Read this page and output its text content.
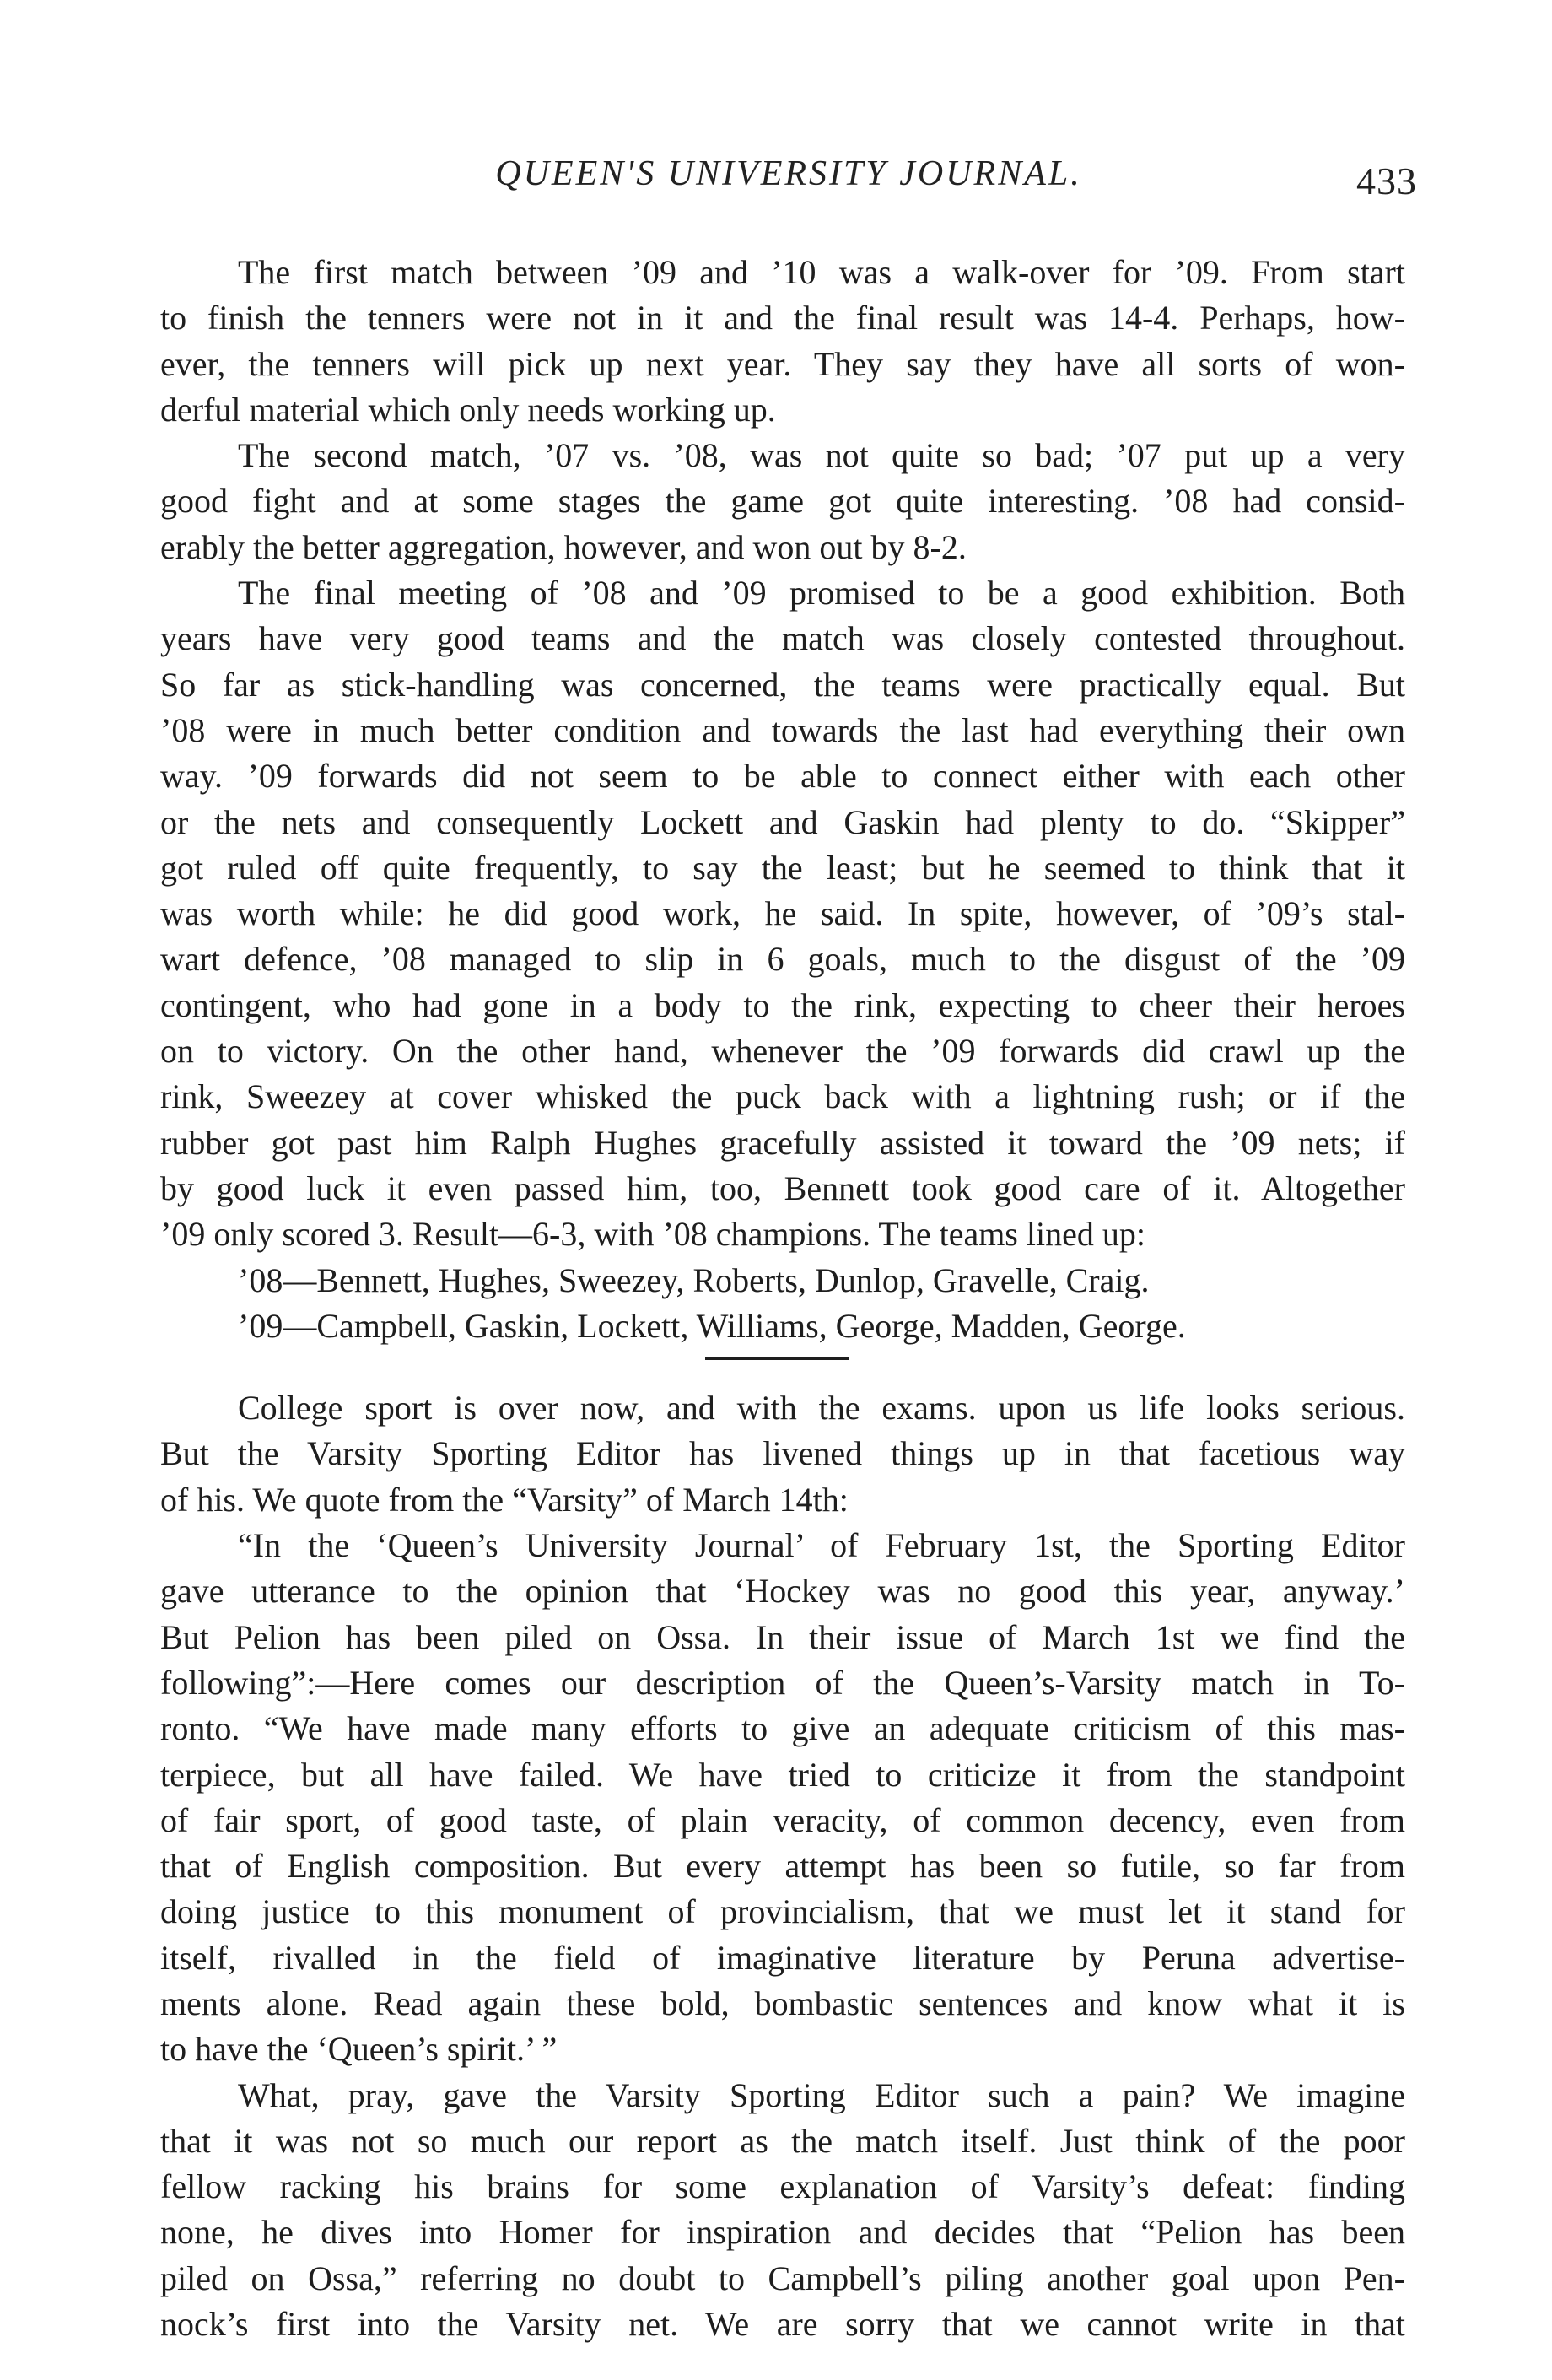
QUEEN'S UNIVERSITY JOURNAL.	433
The first match between ’09 and ’10 was a walk-over for ’09. From start
to finish the tenners were not in it and the final result was 14-4. Perhaps, how-
ever, the tenners will pick up next year. They say they have all sorts of won-
derful material which only needs working up.
The second match, ’07 vs. ’08, was not quite so bad; ’07 put up a very
good fight and at some stages the game got quite interesting. ’08 had consid-
erably the better aggregation, however, and won out by 8-2.
The final meeting of ’08 and ’09 promised to be a good exhibition. Both
years have very good teams and the match was closely contested throughout.
So far as stick-handling was concerned, the teams were practically equal. But
’08 were in much better condition and towards the last had everything their own
way. ’09 forwards did not seem to be able to connect either with each other
or the nets and consequently Lockett and Gaskin had plenty to do. “Skipper”
got ruled off quite frequently, to say the least; but he seemed to think that it
was worth while: he did good work, he said. In spite, however, of ’09’s stal-
wart defence, ’08 managed to slip in 6 goals, much to the disgust of the ’09
contingent, who had gone in a body to the rink, expecting to cheer their heroes
on to victory. On the other hand, whenever the ’09 forwards did crawl up the
rink, Sweezey at cover whisked the puck back with a lightning rush; or if the
rubber got past him Ralph Hughes gracefully assisted it toward the ’09 nets; if
by good luck it even passed him, too, Bennett took good care of it. Altogether
’09 only scored 3. Result—6-3, with ’08 champions. The teams lined up:
’08—Bennett, Hughes, Sweezey, Roberts, Dunlop, Gravelle, Craig.
’09—Campbell, Gaskin, Lockett, Williams, George, Madden, George.
College sport is over now, and with the exams. upon us life looks serious.
But the Varsity Sporting Editor has livened things up in that facetious way
of his. We quote from the “Varsity” of March 14th:
“In the ‘Queen’s University Journal’ of February 1st, the Sporting Editor
gave utterance to the opinion that ‘Hockey was no good this year, anyway.’
But Pelion has been piled on Ossa. In their issue of March 1st we find the
following”:—Here comes our description of the Queen’s-Varsity match in To-
ronto. “We have made many efforts to give an adequate criticism of this mas-
terpiece, but all have failed. We have tried to criticize it from the standpoint
of fair sport, of good taste, of plain veracity, of common decency, even from
that of English composition. But every attempt has been so futile, so far from
doing justice to this monument of provincialism, that we must let it stand for
itself, rivalled in the field of imaginative literature by Peruna advertise-
ments alone. Read again these bold, bombastic sentences and know what it is
to have the ‘Queen’s spirit.’ ”
What, pray, gave the Varsity Sporting Editor such a pain? We imagine
that it was not so much our report as the match itself. Just think of the poor
fellow racking his brains for some explanation of Varsity’s defeat: finding
none, he dives into Homer for inspiration and decides that “Pelion has been
piled on Ossa,” referring no doubt to Campbell’s piling another goal upon Pen-
nock’s first into the Varsity net. We are sorry that we cannot write in that
